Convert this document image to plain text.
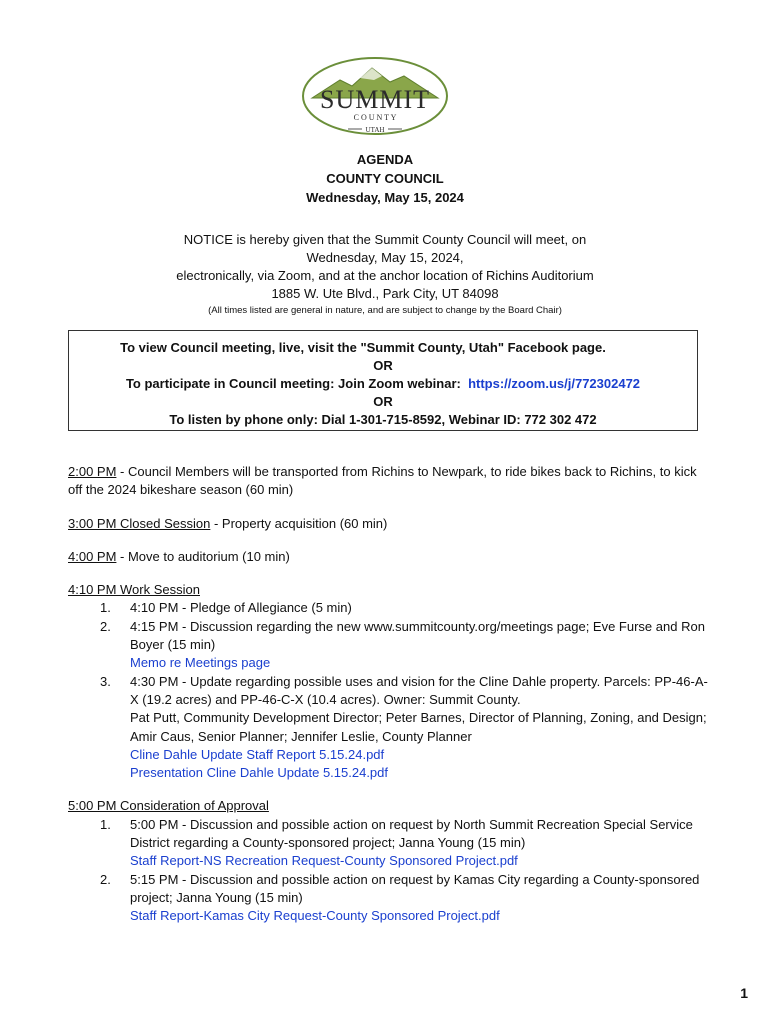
SUMMIT
C O U N T Y
UTAH
AGENDA
COUNTY COUNCIL
Wednesday, May 15, 2024
NOTICE is hereby given that the Summit County Council will meet, on
Wednesday, May 15, 2024,
electronically, via Zoom, and at the anchor location of Richins Auditorium
1885 W. Ute Blvd., Park City, UT 84098
(All times listed are general in nature, and are subject to change by the Board Chair)
To view Council meeting, live, visit the "Summit County, Utah" Facebook page.
OR
To participate in Council meeting: Join Zoom webinar: https://zoom.us/j/772302472
OR
To listen by phone only: Dial 1-301-715-8592, Webinar ID: 772 302 472

2:00 PM - Council Members will be transported from Richins to Newpark, to ride bikes back to Richins, to kick off the 2024 bikeshare season (60 min)

3:00 PM Closed Session - Property acquisition (60 min)

4:00 PM - Move to auditorium (10 min)

4:10 PM Work Session
1.	4:10 PM - Pledge of Allegiance (5 min)
2.	4:15 PM - Discussion regarding the new www.summitcounty.org/meetings page; Eve Furse and Ron Boyer (15 min)
Memo re Meetings page
3.	4:30 PM - Update regarding possible uses and vision for the Cline Dahle property. Parcels: PP-46-A-X (19.2 acres) and PP-46-C-X (10.4 acres). Owner: Summit County.
Pat Putt, Community Development Director; Peter Barnes, Director of Planning, Zoning, and Design; Amir Caus, Senior Planner; Jennifer Leslie, County Planner
Cline Dahle Update Staff Report 5.15.24.pdf
Presentation Cline Dahle Update 5.15.24.pdf
5:00 PM Consideration of Approval
1.	5:00 PM - Discussion and possible action on request by North Summit Recreation Special Service District regarding a County-sponsored project; Janna Young (15 min)
Staff Report-NS Recreation Request-County Sponsored Project.pdf
2.	5:15 PM - Discussion and possible action on request by Kamas City regarding a County-sponsored project; Janna Young (15 min)
Staff Report-Kamas City Request-County Sponsored Project.pdf
1
